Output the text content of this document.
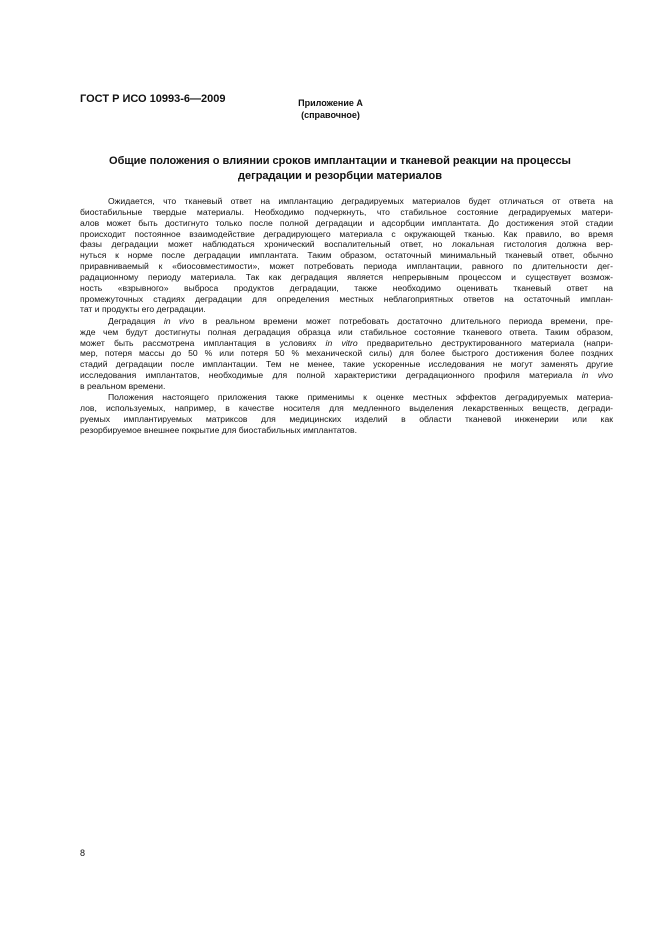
ГОСТ Р ИСО 10993-6—2009	Приложение А
(справочное)
Общие положения о влиянии сроков имплантации и тканевой реакции на процессы
деградации и резорбции материалов
Ожидается, что тканевый ответ на имплантацию деградируемых материалов будет отличаться от ответа на
биостабильные твердые материалы. Необходимо подчеркнуть, что стабильное состояние деградируемых матери-
алов может быть достигнуто только после полной деградации и адсорбции имплантата. До достижения этой стадии
происходит постоянное взаимодействие деградирующего материала с окружающей тканью. Как правило, во время
фазы деградации может наблюдаться хронический воспалительный ответ, но локальная гистология должна вер-
нуться к норме после деградации имплантата. Таким образом, остаточный минимальный тканевый ответ, обычно
приравниваемый к «биосовместимости», может потребовать периода имплантации, равного по длительности дег-
радационному периоду материала. Так как деградация является непрерывным процессом и существует возмож-
ность «взрывного» выброса продуктов деградации, также необходимо оценивать тканевый ответ на
промежуточных стадиях деградации для определения местных неблагоприятных ответов на остаточный имплан-
тат и продукты его деградации.
Деградация in vivo в реальном времени может потребовать достаточно длительного периода времени, пре-
жде чем будут достигнуты полная деградация образца или стабильное состояние тканевого ответа. Таким образом,
может быть рассмотрена имплантация в условиях in vitro предварительно деструктированного материала (напри-
мер, потеря массы до 50 % или потеря 50 % механической силы) для более быстрого достижения более поздних
стадий деградации после имплантации. Тем не менее, такие ускоренные исследования не могут заменять другие
исследования имплантатов, необходимые для полной характеристики деградационного профиля материала in vivo
в реальном времени.
Положения настоящего приложения также применимы к оценке местных эффектов деградируемых материа-
лов, используемых, например, в качестве носителя для медленного выделения лекарственных веществ, дегради-
руемых имплантируемых матриксов для медицинских изделий в области тканевой инженерии или как
резорбируемое внешнее покрытие для биостабильных имплантатов.
8
